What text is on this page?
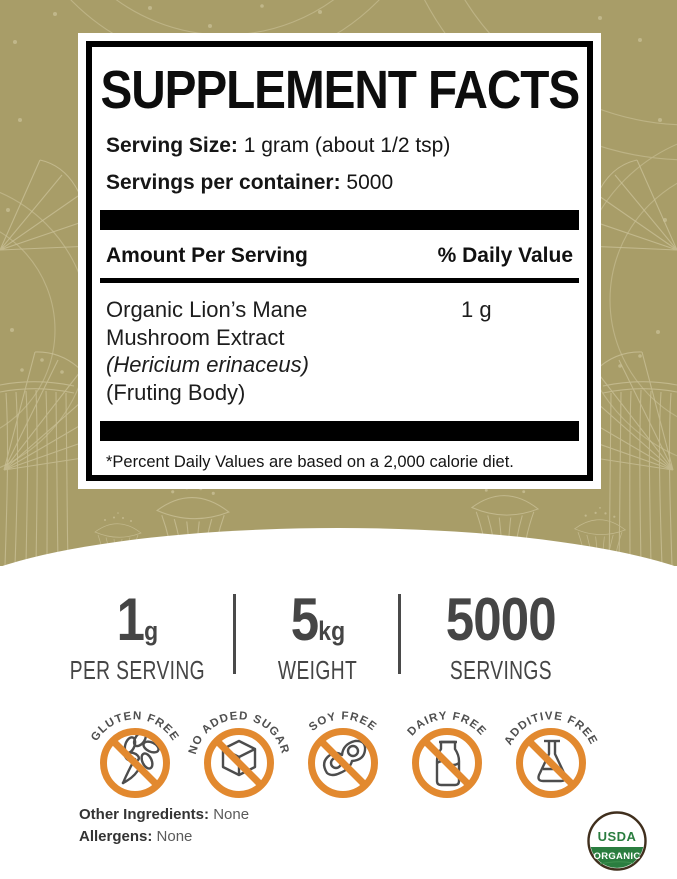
SUPPLEMENT FACTS

Serving Size: 1 gram (about 1/2 tsp)

Servings per container: 5000

Amount Per Serving	% Daily Value
Organic Lion’s Mane
Mushroom Extract
(Hericium erinaceus)
(Fruting Body)
1 g

*Percent Daily Values are based on a 2,000 calorie diet.

1g
PER SERVING
5kg
WEIGHT
5000
SERVINGS
GLUTEN FREE
NO ADDED SUGAR
SOY FREE DAIRY FREE
ADDITIVE FREE

Other Ingredients: None

Allergens: None	USDA
ORGANIC
